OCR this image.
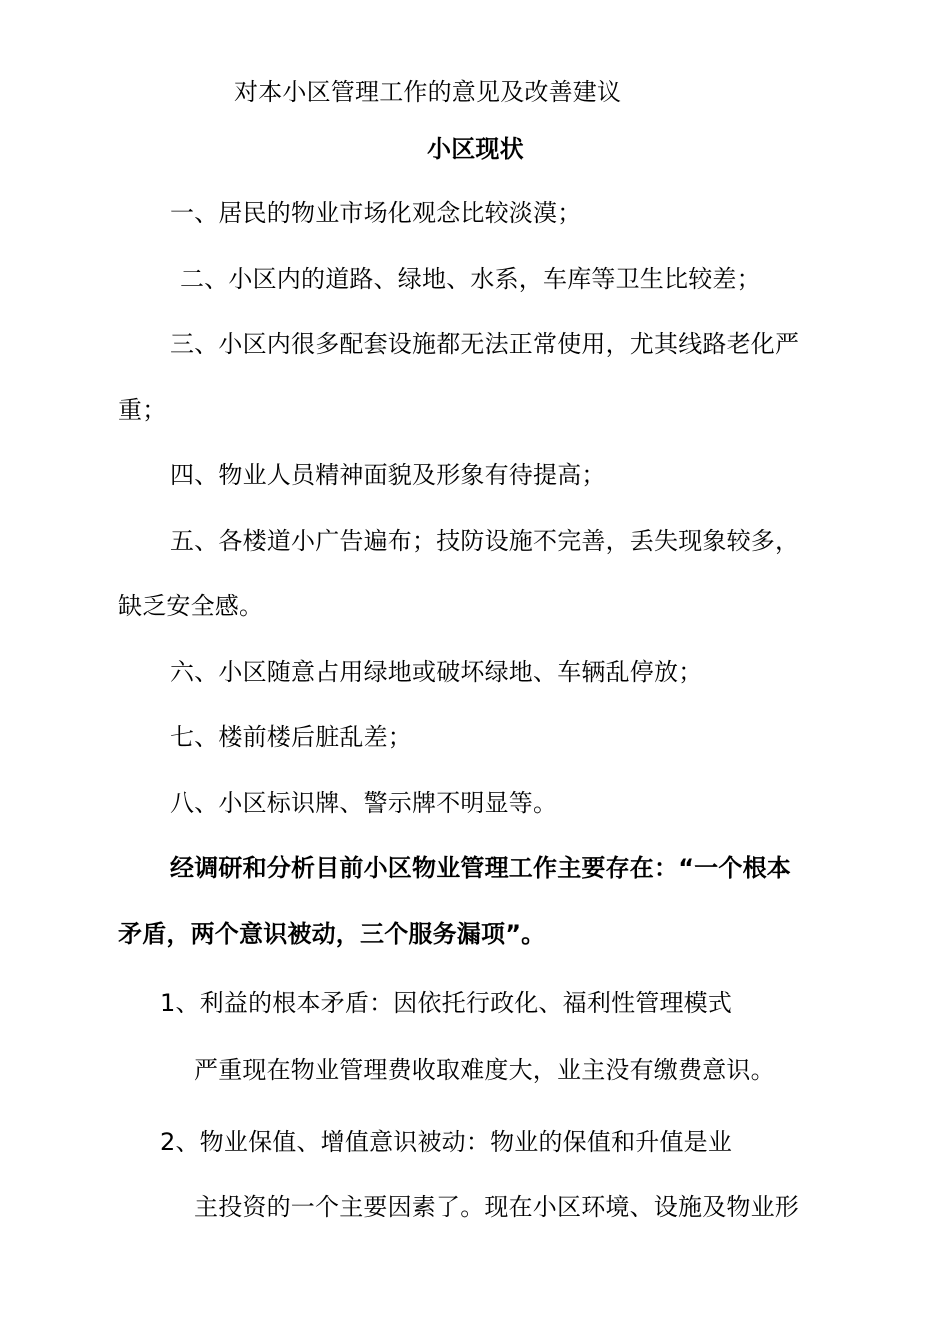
对本小区管理工作的意见及改善建议
小区现状
一、居民的物业市场化观念比较淡漠；
二、小区内的道路、绿地、水系，车库等卫生比较差；
三、小区内很多配套设施都无法正常使用，尤其线路老化严
重；
四、物业人员精神面貌及形象有待提高；
五、各楼道小广告遍布；技防设施不完善，丢失现象较多，
缺乏安全感。
六、小区随意占用绿地或破坏绿地、车辆乱停放；
七、楼前楼后脏乱差；
八、小区标识牌、警示牌不明显等。
经调研和分析目前小区物业管理工作主要存在：“一个根本
矛盾，两个意识被动，三个服务漏项”。
1、利益的根本矛盾：因依托行政化、福利性管理模式
严重现在物业管理费收取难度大，业主没有缴费意识。
2、物业保值、增值意识被动：物业的保值和升值是业
主投资的一个主要因素了。现在小区环境、设施及物业形
